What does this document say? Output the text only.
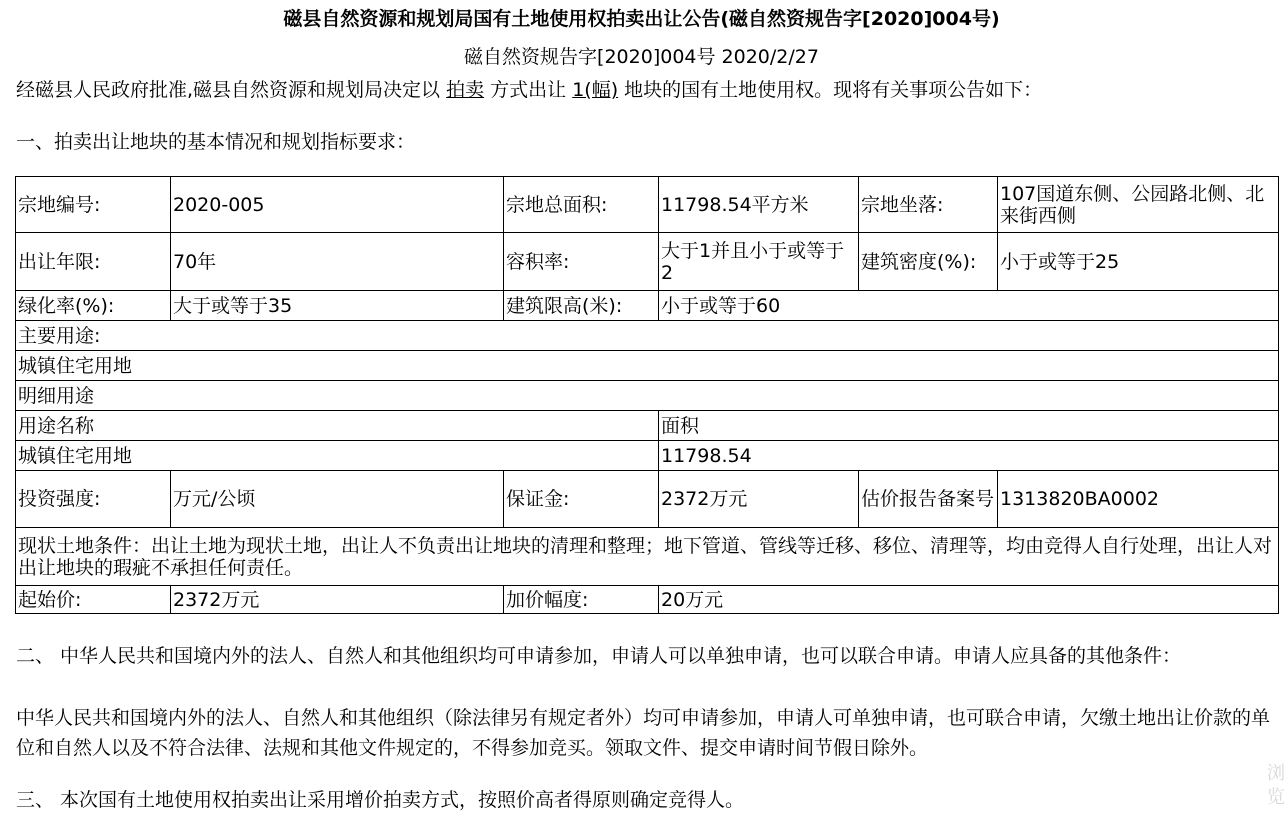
磁县自然资源和规划局国有土地使用权拍卖出让公告(磁自然资规告字[2020]004号)
磁自然资规告字[2020]004号 2020/2/27
经磁县人民政府批准,磁县自然资源和规划局决定以 拍卖 方式出让 1(幅) 地块的国有土地使用权。现将有关事项公告如下：
一、拍卖出让地块的基本情况和规划指标要求：
宗地编号:	2020-005	宗地总面积:	11798.54平方米	宗地坐落:	107国道东侧、公园路北侧、北来街西侧
出让年限:	70年	容积率:	大于1并且小于或等于2	建筑密度(%):	小于或等于25
绿化率(%):	大于或等于35	建筑限高(米):	小于或等于60		
主要用途:					
城镇住宅用地					
明细用途					
用途名称			面积		
城镇住宅用地			11798.54		
投资强度:	万元/公顷	保证金:	2372万元	估价报告备案号	1313820BA0002
现状土地条件：出让土地为现状土地，出让人不负责出让地块的清理和整理；地下管道、管线等迁移、移位、清理等，均由竞得人自行处理，出让人对出让地块的瑕疵不承担任何责任。					
起始价:	2372万元	加价幅度:	20万元		
二、 中华人民共和国境内外的法人、自然人和其他组织均可申请参加，申请人可以单独申请，也可以联合申请。申请人应具备的其他条件：
中华人民共和国境内外的法人、自然人和其他组织（除法律另有规定者外）均可申请参加，申请人可单独申请，也可联合申请，欠缴土地出让价款的单位和自然人以及不符合法律、法规和其他文件规定的，不得参加竞买。领取文件、提交申请时间节假日除外。
三、 本次国有土地使用权拍卖出让采用增价拍卖方式，按照价高者得原则确定竞得人。
浏览
